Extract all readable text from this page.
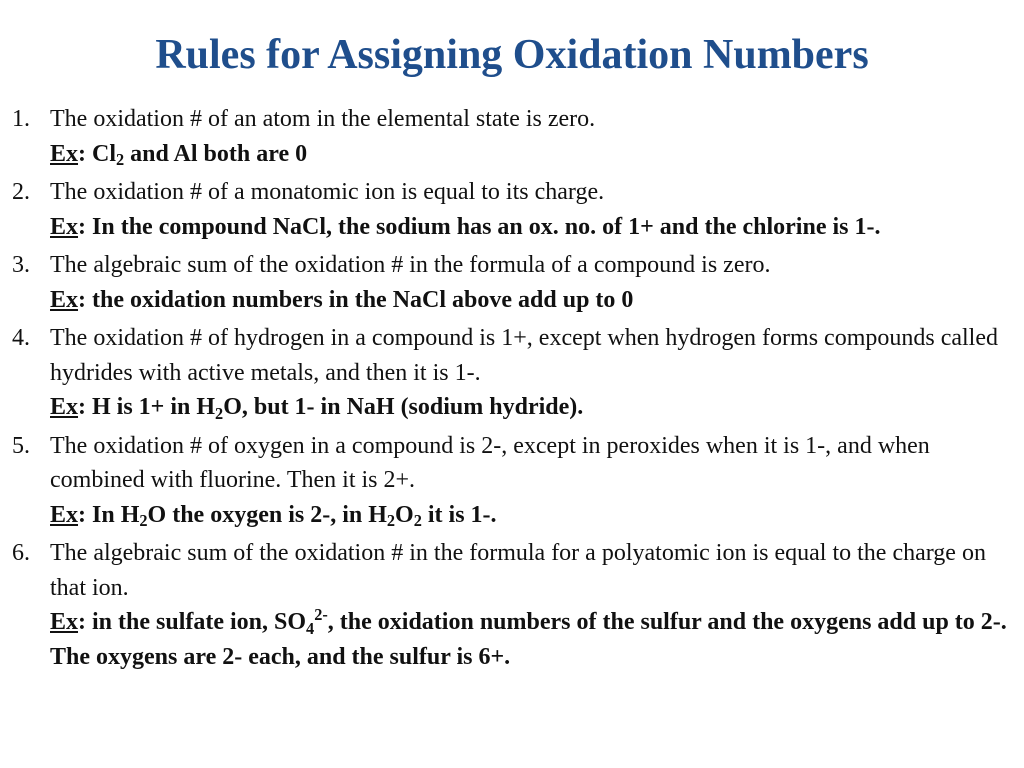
Rules for Assigning Oxidation Numbers
1. The oxidation # of an atom in the elemental state is zero.
Ex: $Cl_2$ and Al both are 0
2. The oxidation # of a monatomic ion is equal to its charge.
Ex: In the compound NaCl, the sodium has an ox. no. of 1+ and the chlorine is 1-.
3. The algebraic sum of the oxidation # in the formula of a compound is zero.
Ex: the oxidation numbers in the NaCl above add up to 0
4. The oxidation # of hydrogen in a compound is 1+, except when hydrogen forms compounds called hydrides with active metals, and then it is 1-.
Ex: H is 1+ in $H_2O$, but 1- in NaH (sodium hydride).
5. The oxidation # of oxygen in a compound is 2-, except in peroxides when it is 1-, and when combined with fluorine. Then it is 2+.
Ex: In $H_2O$ the oxygen is 2-, in $H_2O_2$ it is 1-.
6. The algebraic sum of the oxidation # in the formula for a polyatomic ion is equal to the charge on that ion.
Ex: in the sulfate ion, $SO_4^{2-}$, the oxidation numbers of the sulfur and the oxygens add up to 2-. The oxygens are 2- each, and the sulfur is 6+.
